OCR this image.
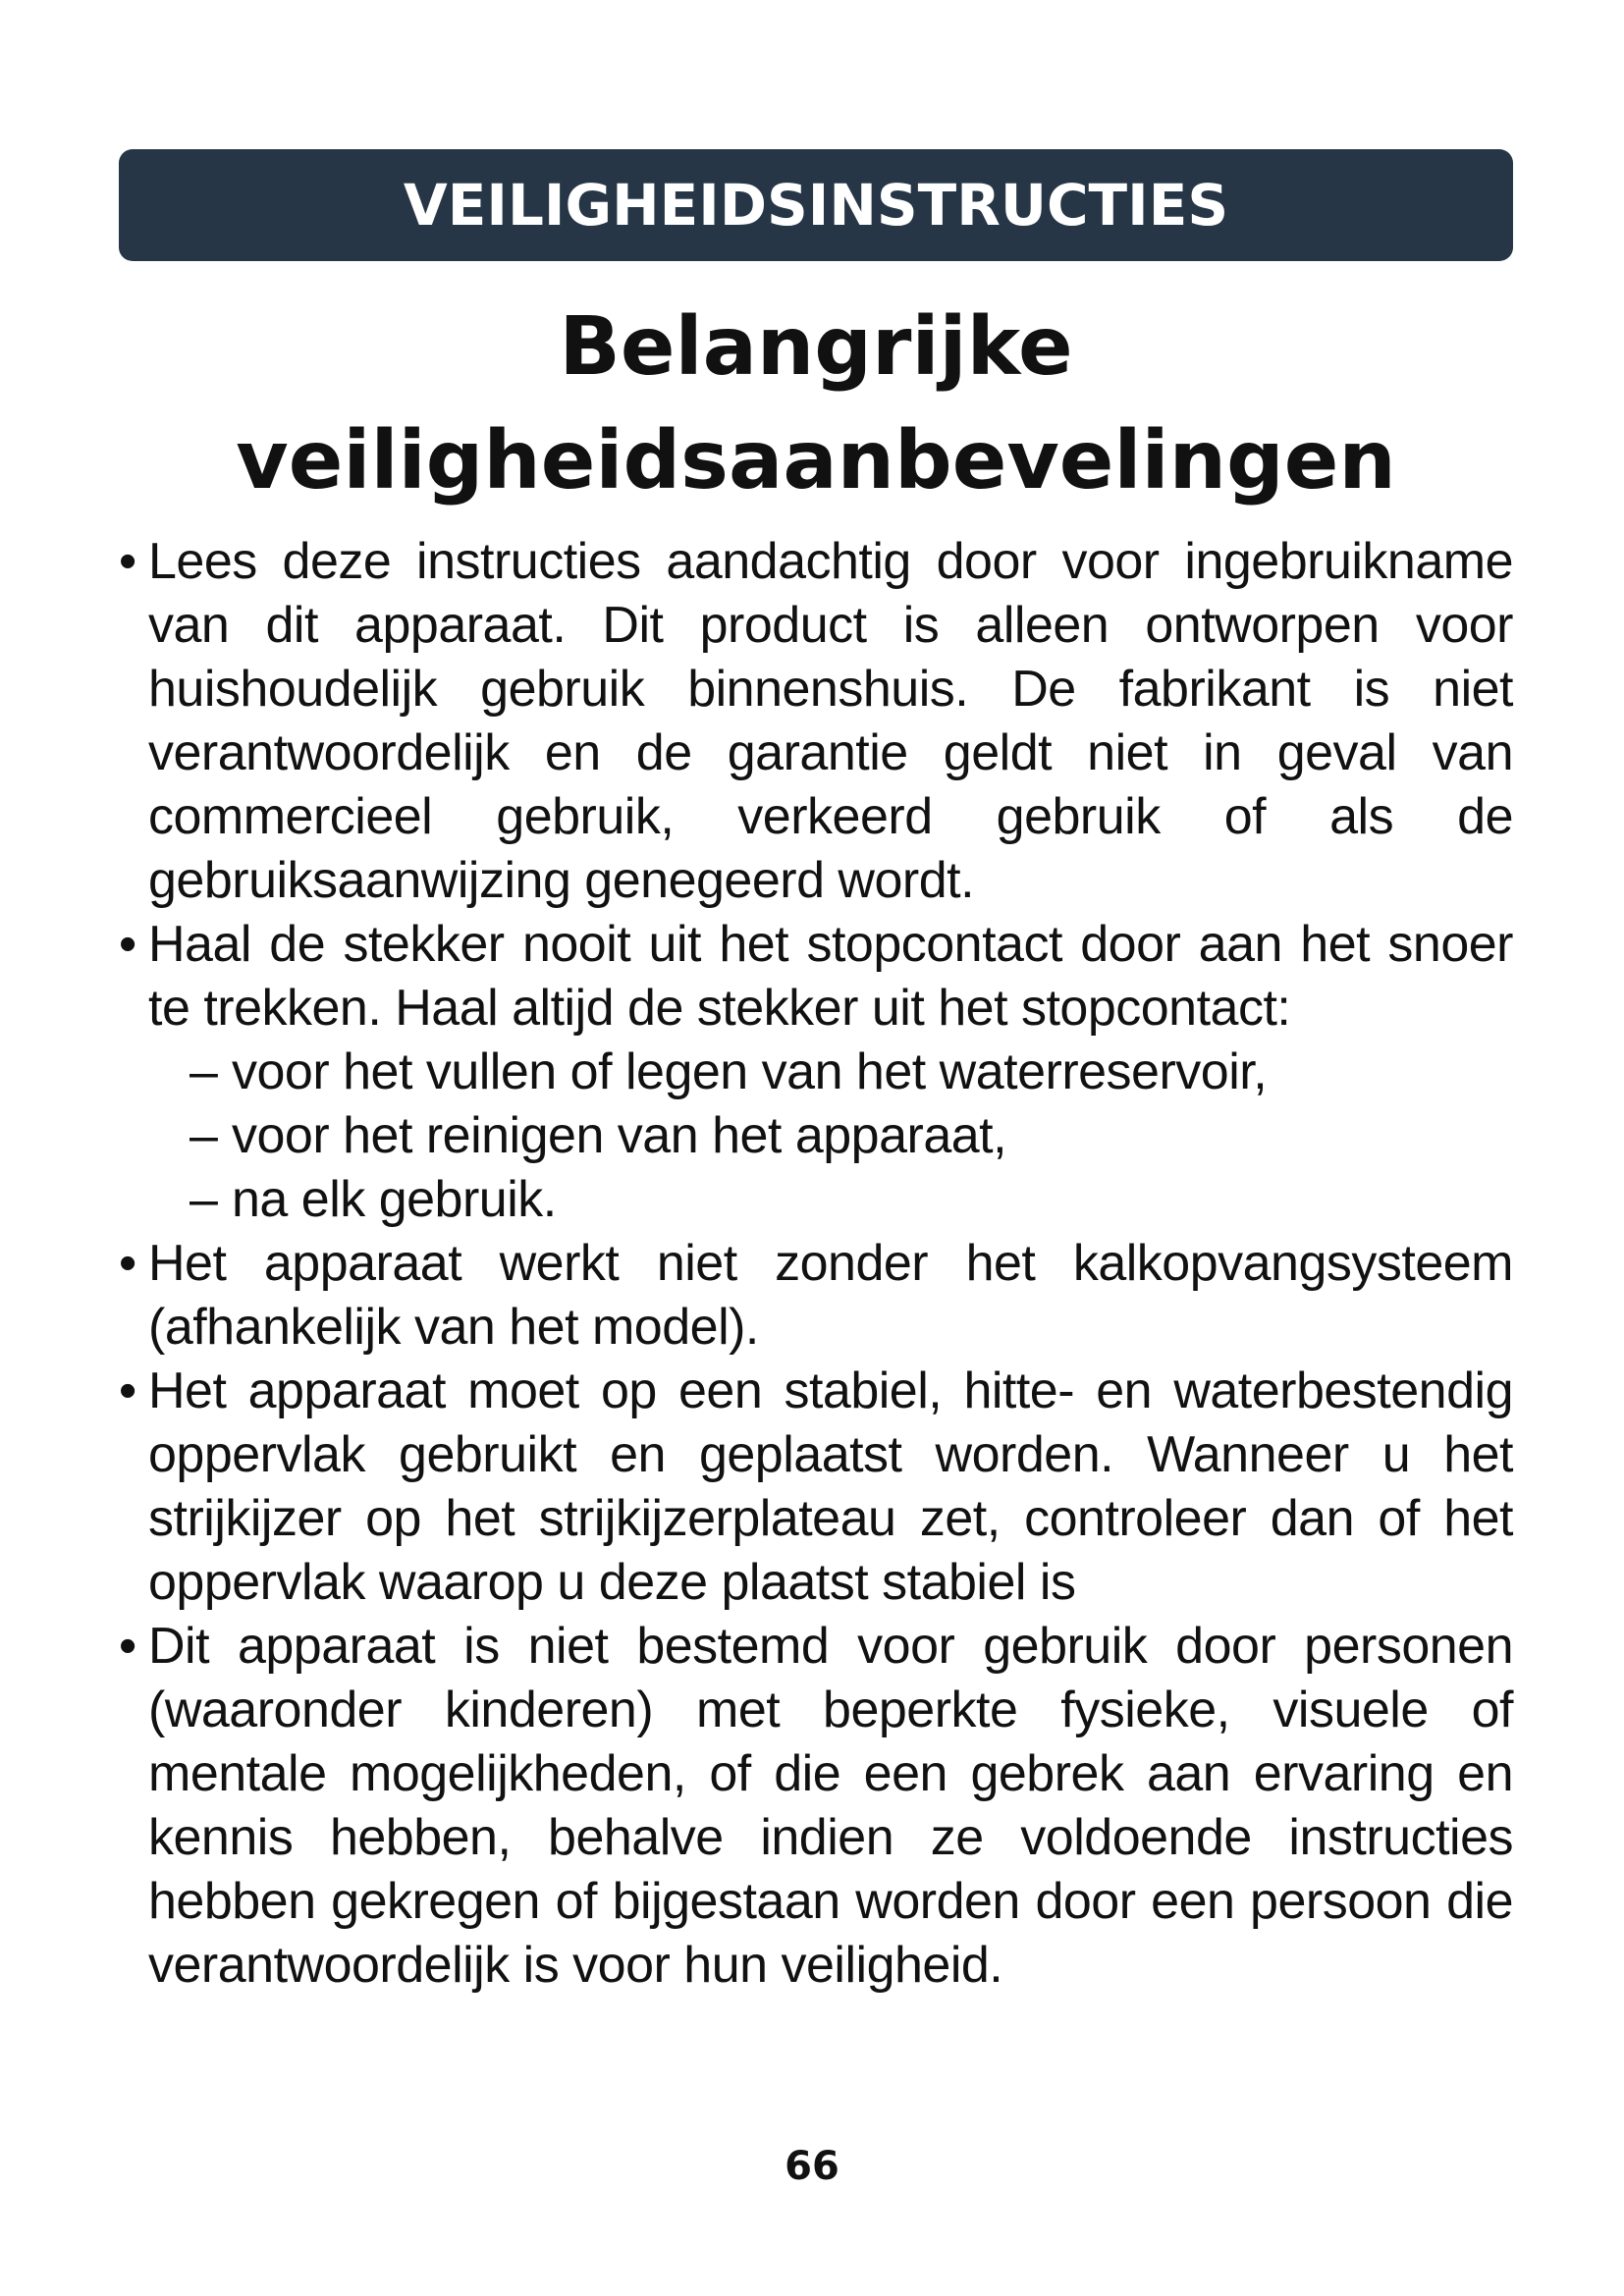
VEILIGHEIDSINSTRUCTIES
Belangrijke veiligheidsaanbevelingen
• Lees deze instructies aandachtig door voor ingebruikname van dit apparaat. Dit product is alleen ontworpen voor huishoudelijk gebruik binnenshuis. De fabrikant is niet verantwoordelijk en de garantie geldt niet in geval van commercieel gebruik, verkeerd gebruik of als de gebruiksaanwijzing genegeerd wordt.
• Haal de stekker nooit uit het stopcontact door aan het snoer te trekken. Haal altijd de stekker uit het stopcontact:
– voor het vullen of legen van het waterreservoir,
– voor het reinigen van het apparaat,
– na elk gebruik.
• Het apparaat werkt niet zonder het kalkopvangsysteem (afhankelijk van het model).
• Het apparaat moet op een stabiel, hitte- en waterbestendig oppervlak gebruikt en geplaatst worden. Wanneer u het strijkijzer op het strijkijzerplateau zet, controleer dan of het oppervlak waarop u deze plaatst stabiel is
• Dit apparaat is niet bestemd voor gebruik door personen (waaronder kinderen) met beperkte fysieke, visuele of mentale mogelijkheden, of die een gebrek aan ervaring en kennis hebben, behalve indien ze voldoende instructies hebben gekregen of bijgestaan worden door een persoon die verantwoordelijk is voor hun veiligheid.
66
